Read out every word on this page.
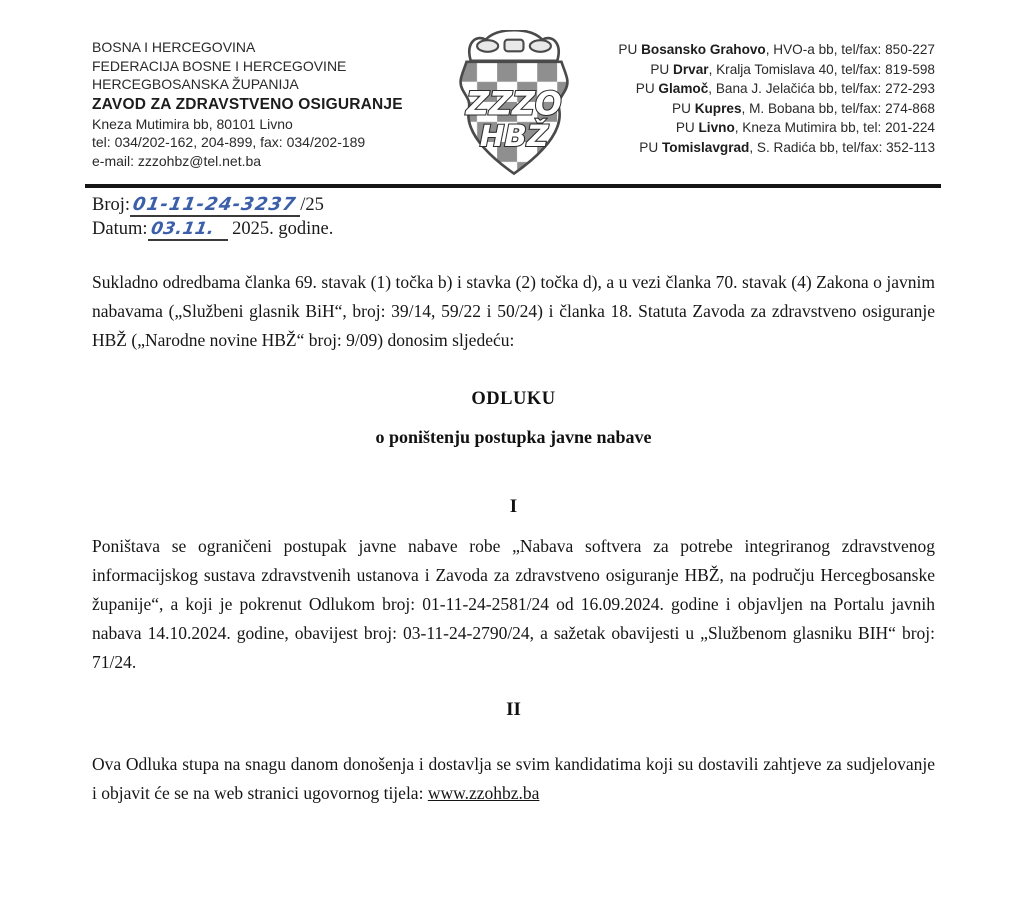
BOSNA I HERCEGOVINA
FEDERACIJA BOSNE I HERCEGOVINE
HERCEGBOSANSKA ŽUPANIJA
ZAVOD ZA ZDRAVSTVENO OSIGURANJE
Kneza Mutimira bb, 80101 Livno
tel: 034/202-162, 204-899, fax: 034/202-189
e-mail: zzzohbz@tel.net.ba
ZZZO
HBŽ
PU Bosansko Grahovo, HVO-a bb, tel/fax: 850-227
PU Drvar, Kralja Tomislava 40, tel/fax: 819-598
PU Glamoč, Bana J. Jelačića bb, tel/fax: 272-293
PU Kupres, M. Bobana bb, tel/fax: 274-868
PU Livno, Kneza Mutimira bb, tel: 201-224
PU Tomislavgrad, S. Radića bb, tel/fax: 352-113
Broj:01-11-24-3237 /25
Datum:03.11. 2025. godine.

Sukladno odredbama članka 69. stavak (1) točka b) i stavka (2) točka d), a u vezi članka 70. stavak (4) Zakona o javnim nabavama („Službeni glasnik BiH“, broj: 39/14, 59/22 i 50/24) i članka 18. Statuta Zavoda za zdravstveno osiguranje HBŽ („Narodne novine HBŽ“ broj: 9/09) donosim sljedeću:

ODLUKU
o poništenju postupka javne nabave
I

Poništava se ograničeni postupak javne nabave robe „Nabava softvera za potrebe integriranog zdravstvenog informacijskog sustava zdravstvenih ustanova i Zavoda za zdravstveno osiguranje HBŽ, na području Hercegbosanske županije“, a koji je pokrenut Odlukom broj: 01-11-24-2581/24 od 16.09.2024. godine i objavljen na Portalu javnih nabava 14.10.2024. godine, obavijest broj: 03-11-24-2790/24, a sažetak obavijesti u „Službenom glasniku BIH“ broj: 71/24.

II

Ova Odluka stupa na snagu danom donošenja i dostavlja se svim kandidatima koji su dostavili zahtjeve za sudjelovanje i objavit će se na web stranici ugovornog tijela: www.zzohbz.ba
